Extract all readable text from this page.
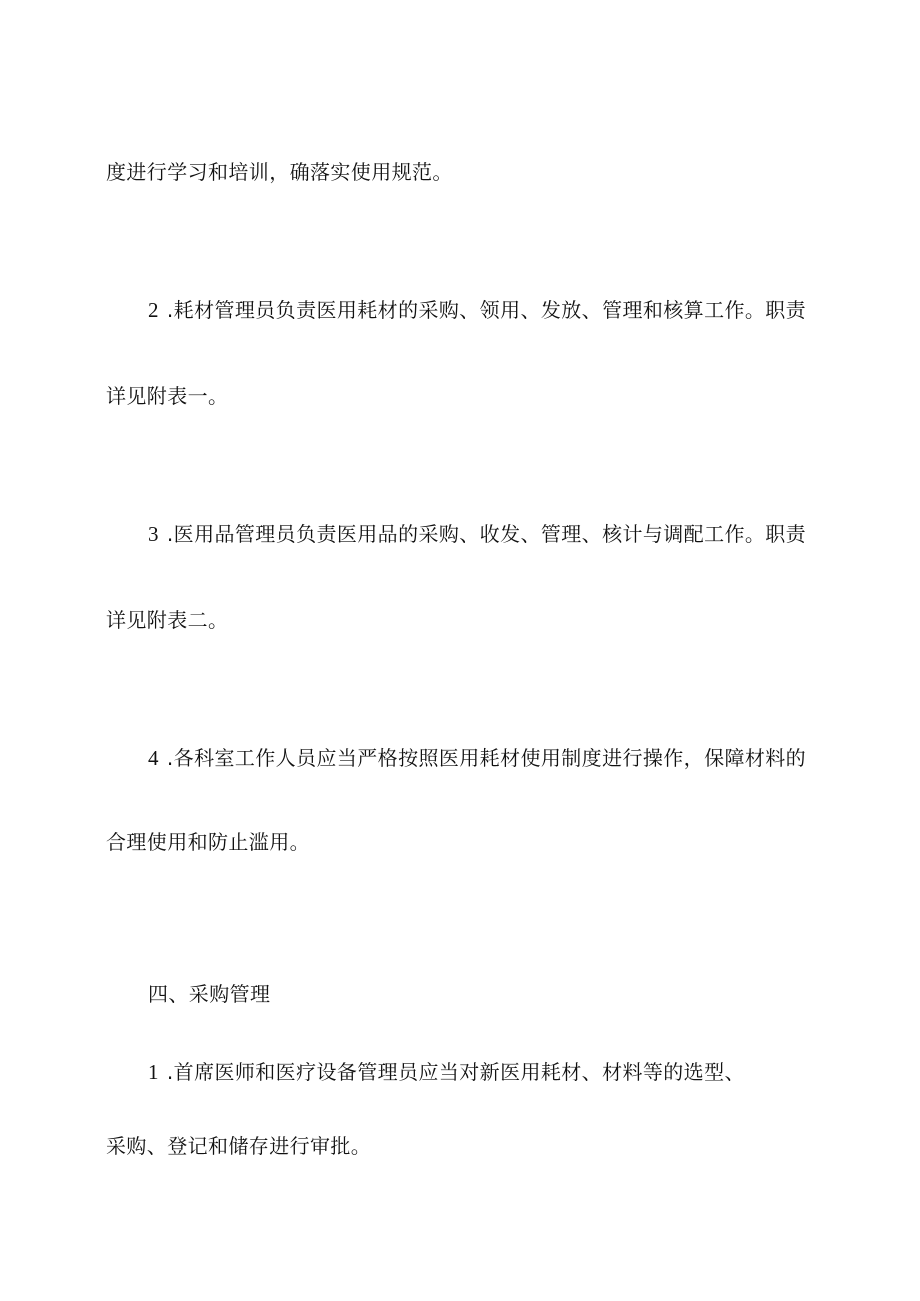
度进行学习和培训，确落实使用规范。
2 .耗材管理员负责医用耗材的采购、领用、发放、管理和核算工作。职责
详见附表一。
3 .医用品管理员负责医用品的采购、收发、管理、核计与调配工作。职责
详见附表二。
4 .各科室工作人员应当严格按照医用耗材使用制度进行操作，保障材料的
合理使用和防止滥用。
四、采购管理
1 .首席医师和医疗设备管理员应当对新医用耗材、材料等的选型、
采购、登记和储存进行审批。
